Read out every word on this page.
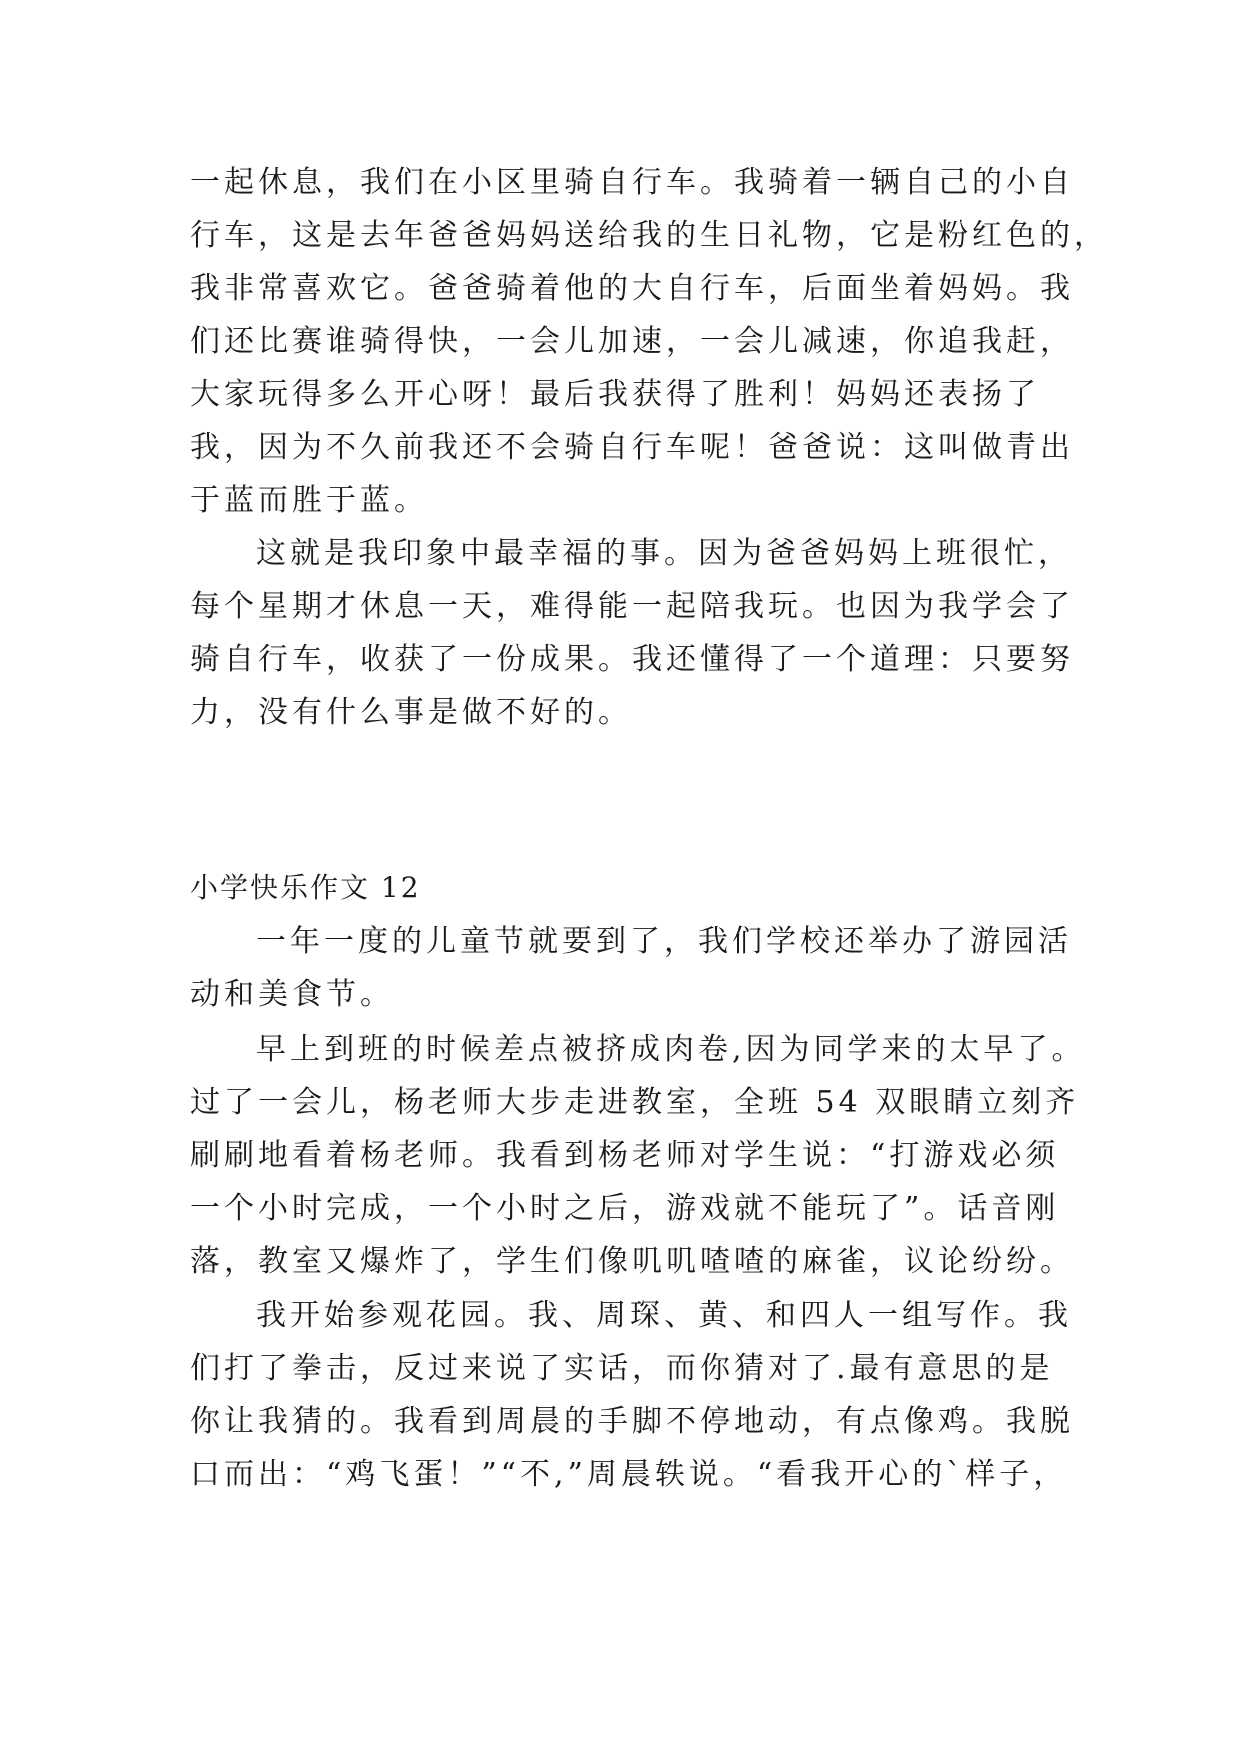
一起休息，我们在小区里骑自行车。我骑着一辆自己的小自
行车，这是去年爸爸妈妈送给我的生日礼物，它是粉红色的，
我非常喜欢它。爸爸骑着他的大自行车，后面坐着妈妈。我
们还比赛谁骑得快，一会儿加速，一会儿减速，你追我赶，
大家玩得多么开心呀！最后我获得了胜利！妈妈还表扬了
我，因为不久前我还不会骑自行车呢！爸爸说：这叫做青出
于蓝而胜于蓝。
这就是我印象中最幸福的事。因为爸爸妈妈上班很忙，
每个星期才休息一天，难得能一起陪我玩。也因为我学会了
骑自行车，收获了一份成果。我还懂得了一个道理：只要努
力，没有什么事是做不好的。
小学快乐作文 12
一年一度的儿童节就要到了，我们学校还举办了游园活
动和美食节。
早上到班的时候差点被挤成肉卷,因为同学来的太早了。
过了一会儿，杨老师大步走进教室，全班 54 双眼睛立刻齐
刷刷地看着杨老师。我看到杨老师对学生说：“打游戏必须
一个小时完成，一个小时之后，游戏就不能玩了”。话音刚
落，教室又爆炸了，学生们像叽叽喳喳的麻雀，议论纷纷。
我开始参观花园。我、周琛、黄、和四人一组写作。我
们打了拳击，反过来说了实话，而你猜对了.最有意思的是
你让我猜的。我看到周晨的手脚不停地动，有点像鸡。我脱
口而出：“鸡飞蛋！”“不,”周晨轶说。“看我开心的`样子，
